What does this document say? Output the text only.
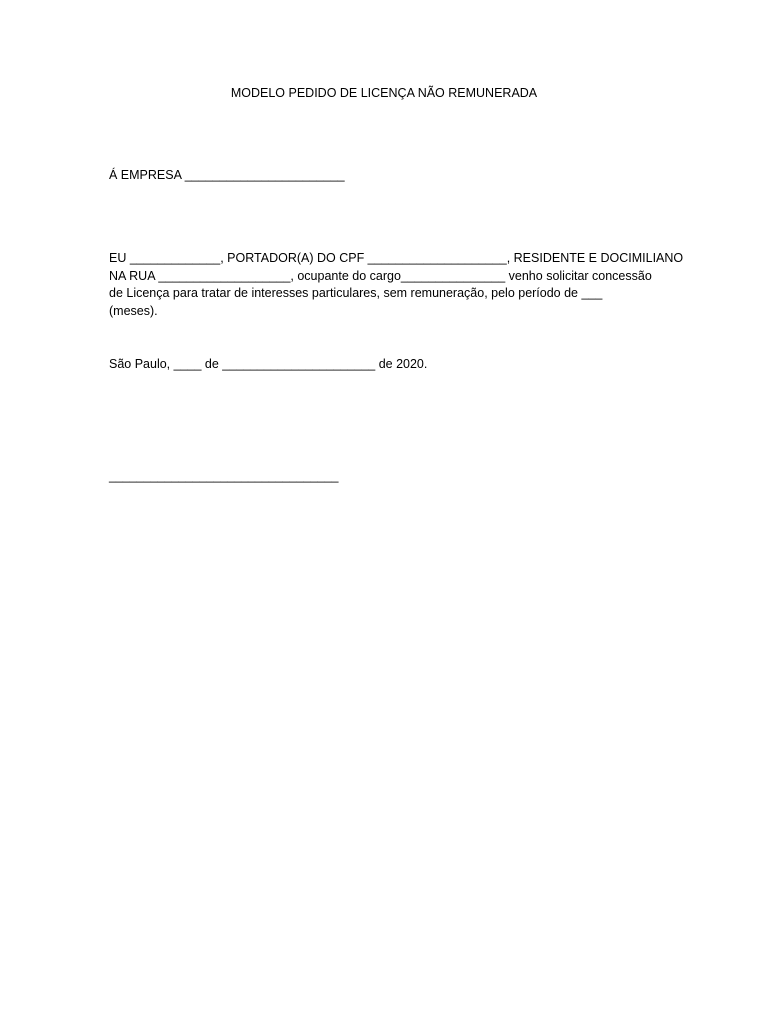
MODELO PEDIDO DE LICENÇA NÃO REMUNERADA
Á EMPRESA _______________________
EU _____________, PORTADOR(A) DO CPF ____________________, RESIDENTE E DOCIMILIANO
NA RUA ___________________, ocupante do cargo_______________ venho solicitar concessão
de Licença para tratar de interesses particulares, sem remuneração, pelo período de ___
(meses).
São Paulo, ____ de ______________________ de 2020.
_________________________________
